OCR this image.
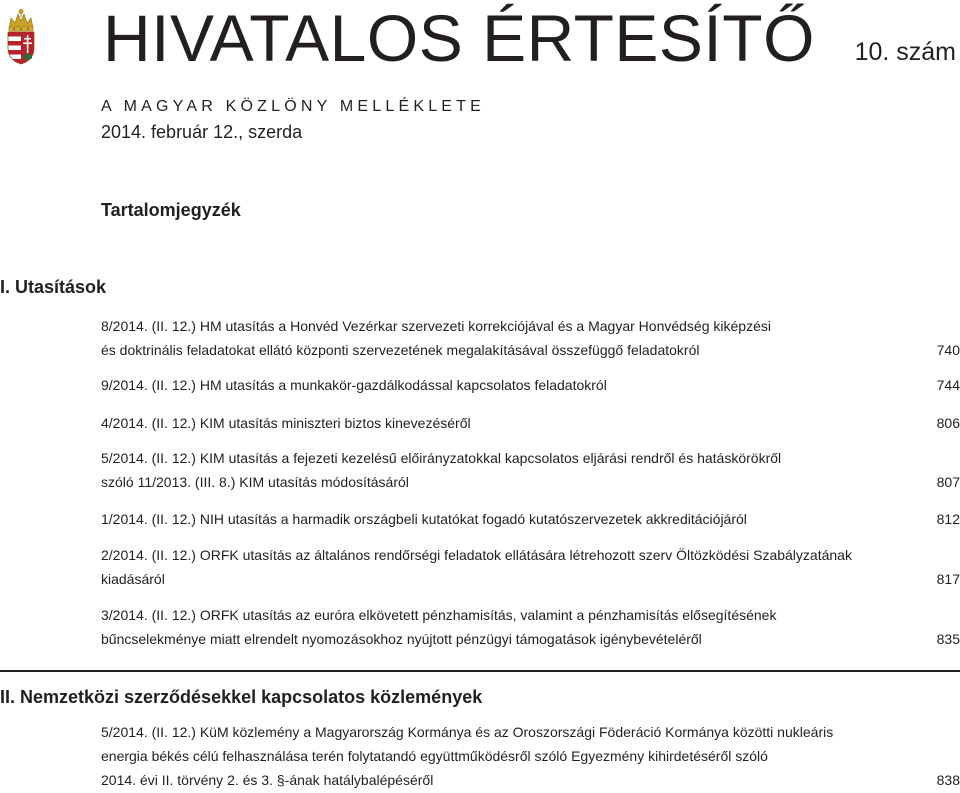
HIVATALOS ÉRTESÍTŐ 10. szám
A MAGYAR KÖZLÖNY MELLÉKLETE
2014. február 12., szerda
Tartalomjegyzék
I. Utasítások
8/2014. (II. 12.) HM utasítás a Honvéd Vezérkar szervezeti korrekciójával és a Magyar Honvédség kiképzési
és doktrinális feladatokat ellátó központi szervezetének megalakításával összefüggő feladatokról	740
9/2014. (II. 12.) HM utasítás a munkakör-gazdálkodással kapcsolatos feladatokról	744
4/2014. (II. 12.) KIM utasítás miniszteri biztos kinevezéséről	806
5/2014. (II. 12.) KIM utasítás a fejezeti kezelésű előirányzatokkal kapcsolatos eljárási rendről és hatáskörökről
szóló 11/2013. (III. 8.) KIM utasítás módosításáról	807
1/2014. (II. 12.) NIH utasítás a harmadik országbeli kutatókat fogadó kutatószervezetek akkreditációjáról	812
2/2014. (II. 12.) ORFK utasítás az általános rendőrségi feladatok ellátására létrehozott szerv Öltözködési Szabályzatának
kiadásáról	817
3/2014. (II. 12.) ORFK utasítás az euróra elkövetett pénzhamisítás, valamint a pénzhamisítás elősegítésének
bűncselekménye miatt elrendelt nyomozásokhoz nyújtott pénzügyi támogatások igénybevételéről	835
II. Nemzetközi szerződésekkel kapcsolatos közlemények
5/2014. (II. 12.) KüM közlemény a Magyarország Kormánya és az Oroszországi Föderáció Kormánya közötti nukleáris
energia békés célú felhasználása terén folytatandó együttműködésről szóló Egyezmény kihirdetéséről szóló
2014. évi II. törvény 2. és 3. §-ának hatálybalépéséről	838
